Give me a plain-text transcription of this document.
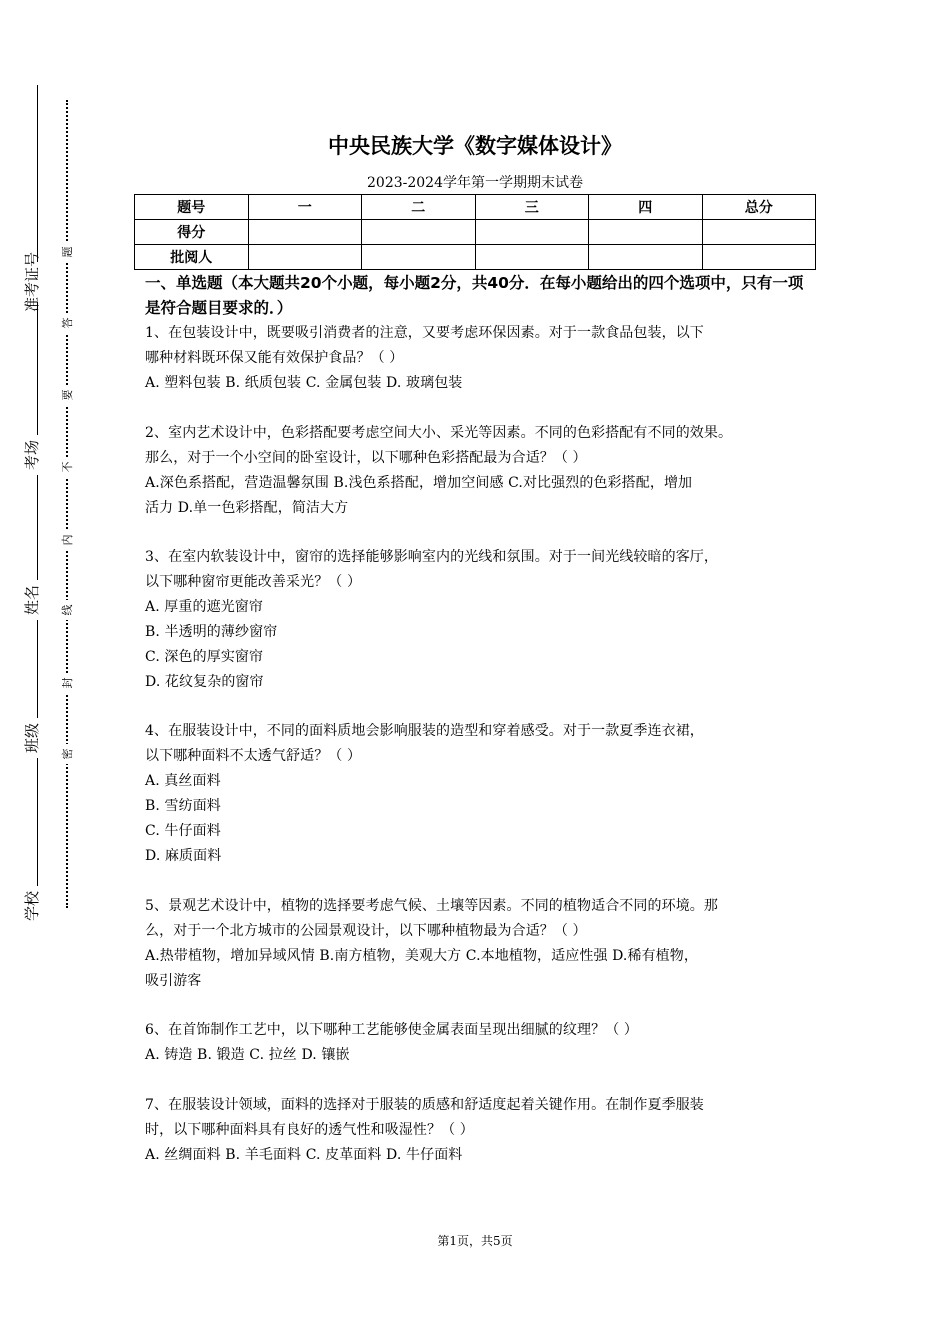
准考证号
考场
姓名
班级
学校
题
答
要
不
内
线
封
密
中央民族大学《数字媒体设计》
2023-2024学年第一学期期末试卷
题号	一	二	三	四	总分
得分					
批阅人					
一、单选题（本大题共20个小题，每小题2分，共40分．在每小题给出的四个选项中，只有一项是符合题目要求的．）
1、在包装设计中，既要吸引消费者的注意，又要考虑环保因素。对于一款食品包装，以下
哪种材料既环保又能有效保护食品？（ ）
A. 塑料包装 B. 纸质包装 C. 金属包装 D. 玻璃包装
2、室内艺术设计中，色彩搭配要考虑空间大小、采光等因素。不同的色彩搭配有不同的效果。
那么，对于一个小空间的卧室设计，以下哪种色彩搭配最为合适？（ ）
A.深色系搭配，营造温馨氛围 B.浅色系搭配，增加空间感 C.对比强烈的色彩搭配，增加
活力 D.单一色彩搭配，简洁大方
3、在室内软装设计中，窗帘的选择能够影响室内的光线和氛围。对于一间光线较暗的客厅，
以下哪种窗帘更能改善采光？（ ）
A. 厚重的遮光窗帘
B. 半透明的薄纱窗帘
C. 深色的厚实窗帘
D. 花纹复杂的窗帘
4、在服装设计中，不同的面料质地会影响服装的造型和穿着感受。对于一款夏季连衣裙，
以下哪种面料不太透气舒适？（ ）
A. 真丝面料
B. 雪纺面料
C. 牛仔面料
D. 麻质面料
5、景观艺术设计中，植物的选择要考虑气候、土壤等因素。不同的植物适合不同的环境。那
么，对于一个北方城市的公园景观设计，以下哪种植物最为合适？（ ）
A.热带植物，增加异域风情 B.南方植物，美观大方 C.本地植物，适应性强 D.稀有植物，
吸引游客
6、在首饰制作工艺中，以下哪种工艺能够使金属表面呈现出细腻的纹理？（ ）
A. 铸造 B. 锻造 C. 拉丝 D. 镶嵌
7、在服装设计领域，面料的选择对于服装的质感和舒适度起着关键作用。在制作夏季服装
时，以下哪种面料具有良好的透气性和吸湿性？（ ）
A. 丝绸面料 B. 羊毛面料 C. 皮革面料 D. 牛仔面料
第1页，共5页
